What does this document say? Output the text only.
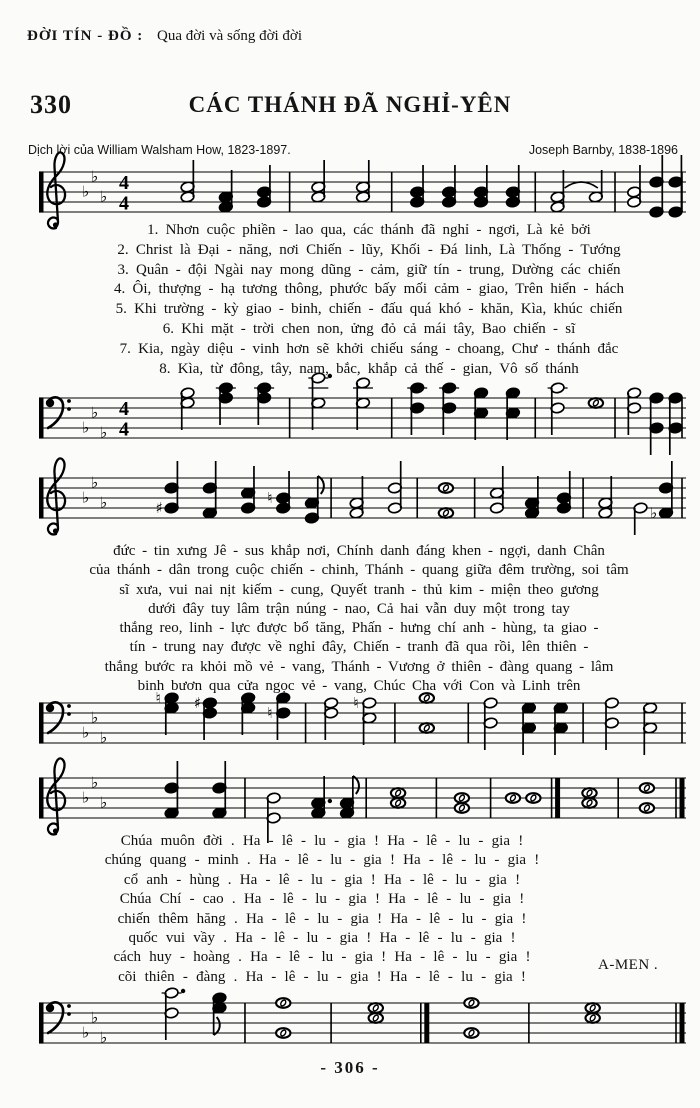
ĐỜI TÍN - ĐỒ : Qua đời và sống đời đời
330	CÁC THÁNH ĐÃ NGHỈ-YÊN
Dịch lời của William Walsham How, 1823-1897.	Joseph Barnby, 1838-1896
♭
♭
♭
4
4
♭
♭
♭
4
4
♭
♭
♭	♯
♮
♭
♭
♭
♭
♮ ♯
♮
♮
♭
♭
♭
♭
♭
♭
1. Nhơn cuộc phiền - lao qua, các thánh đã nghỉ - ngơi, Là kẻ bởi
2. Christ là Đại - năng, nơi Chiến - lũy, Khối - Đá linh, Là Thống - Tướng
3. Quân - đội Ngài nay mong dũng - cảm, giữ tín - trung, Dường các chiến
4. Ôi, thượng - hạ tương thông, phước bấy mối cảm - giao, Trên hiển - hách
5. Khi trường - kỳ giao - binh, chiến - đấu quá khó - khăn, Kìa, khúc chiến
6. Khi mặt - trời chen non, ửng đỏ cả mái tây, Bao chiến - sĩ
7. Kia, ngày diệu - vinh hơn sẽ khởi chiếu sáng - choang, Chư - thánh đắc
8. Kìa, từ đông, tây, nam, bắc, khắp cả thế - gian, Vô số thánh
đức - tin xưng Jê - sus khắp nơi, Chính danh đáng khen - ngợi, danh Chân
của thánh - dân trong cuộc chiến - chinh, Thánh - quang giữa đêm trường, soi tâm
sĩ xưa, vui nai nịt kiếm - cung, Quyết tranh - thủ kim - miện theo gương
dưới đây tuy lâm trận núng - nao, Cả hai vẫn duy một trong tay
thắng reo, linh - lực được bổ tăng, Phấn - hưng chí anh - hùng, ta giao -
tín - trung nay được về nghỉ đây, Chiến - tranh đã qua rồi, lên thiên -
thắng bước ra khỏi mồ vẻ - vang, Thánh - Vương ở thiên - đàng quang - lâm
binh bươn qua cửa ngọc vẻ - vang, Chúc Cha với Con và Linh trên
Chúa muôn đời . Ha - lê - lu - gia ! Ha - lê - lu - gia !
chúng quang - minh . Ha - lê - lu - gia ! Ha - lê - lu - gia !
cổ anh - hùng . Ha - lê - lu - gia ! Ha - lê - lu - gia !
Chúa Chí - cao . Ha - lê - lu - gia ! Ha - lê - lu - gia !
chiến thêm hăng . Ha - lê - lu - gia ! Ha - lê - lu - gia !
quốc vui vầy . Ha - lê - lu - gia ! Ha - lê - lu - gia !
cách huy - hoàng . Ha - lê - lu - gia ! Ha - lê - lu - gia !
cõi thiên - đàng . Ha - lê - lu - gia ! Ha - lê - lu - gia !
A-MEN .
- 306 -
